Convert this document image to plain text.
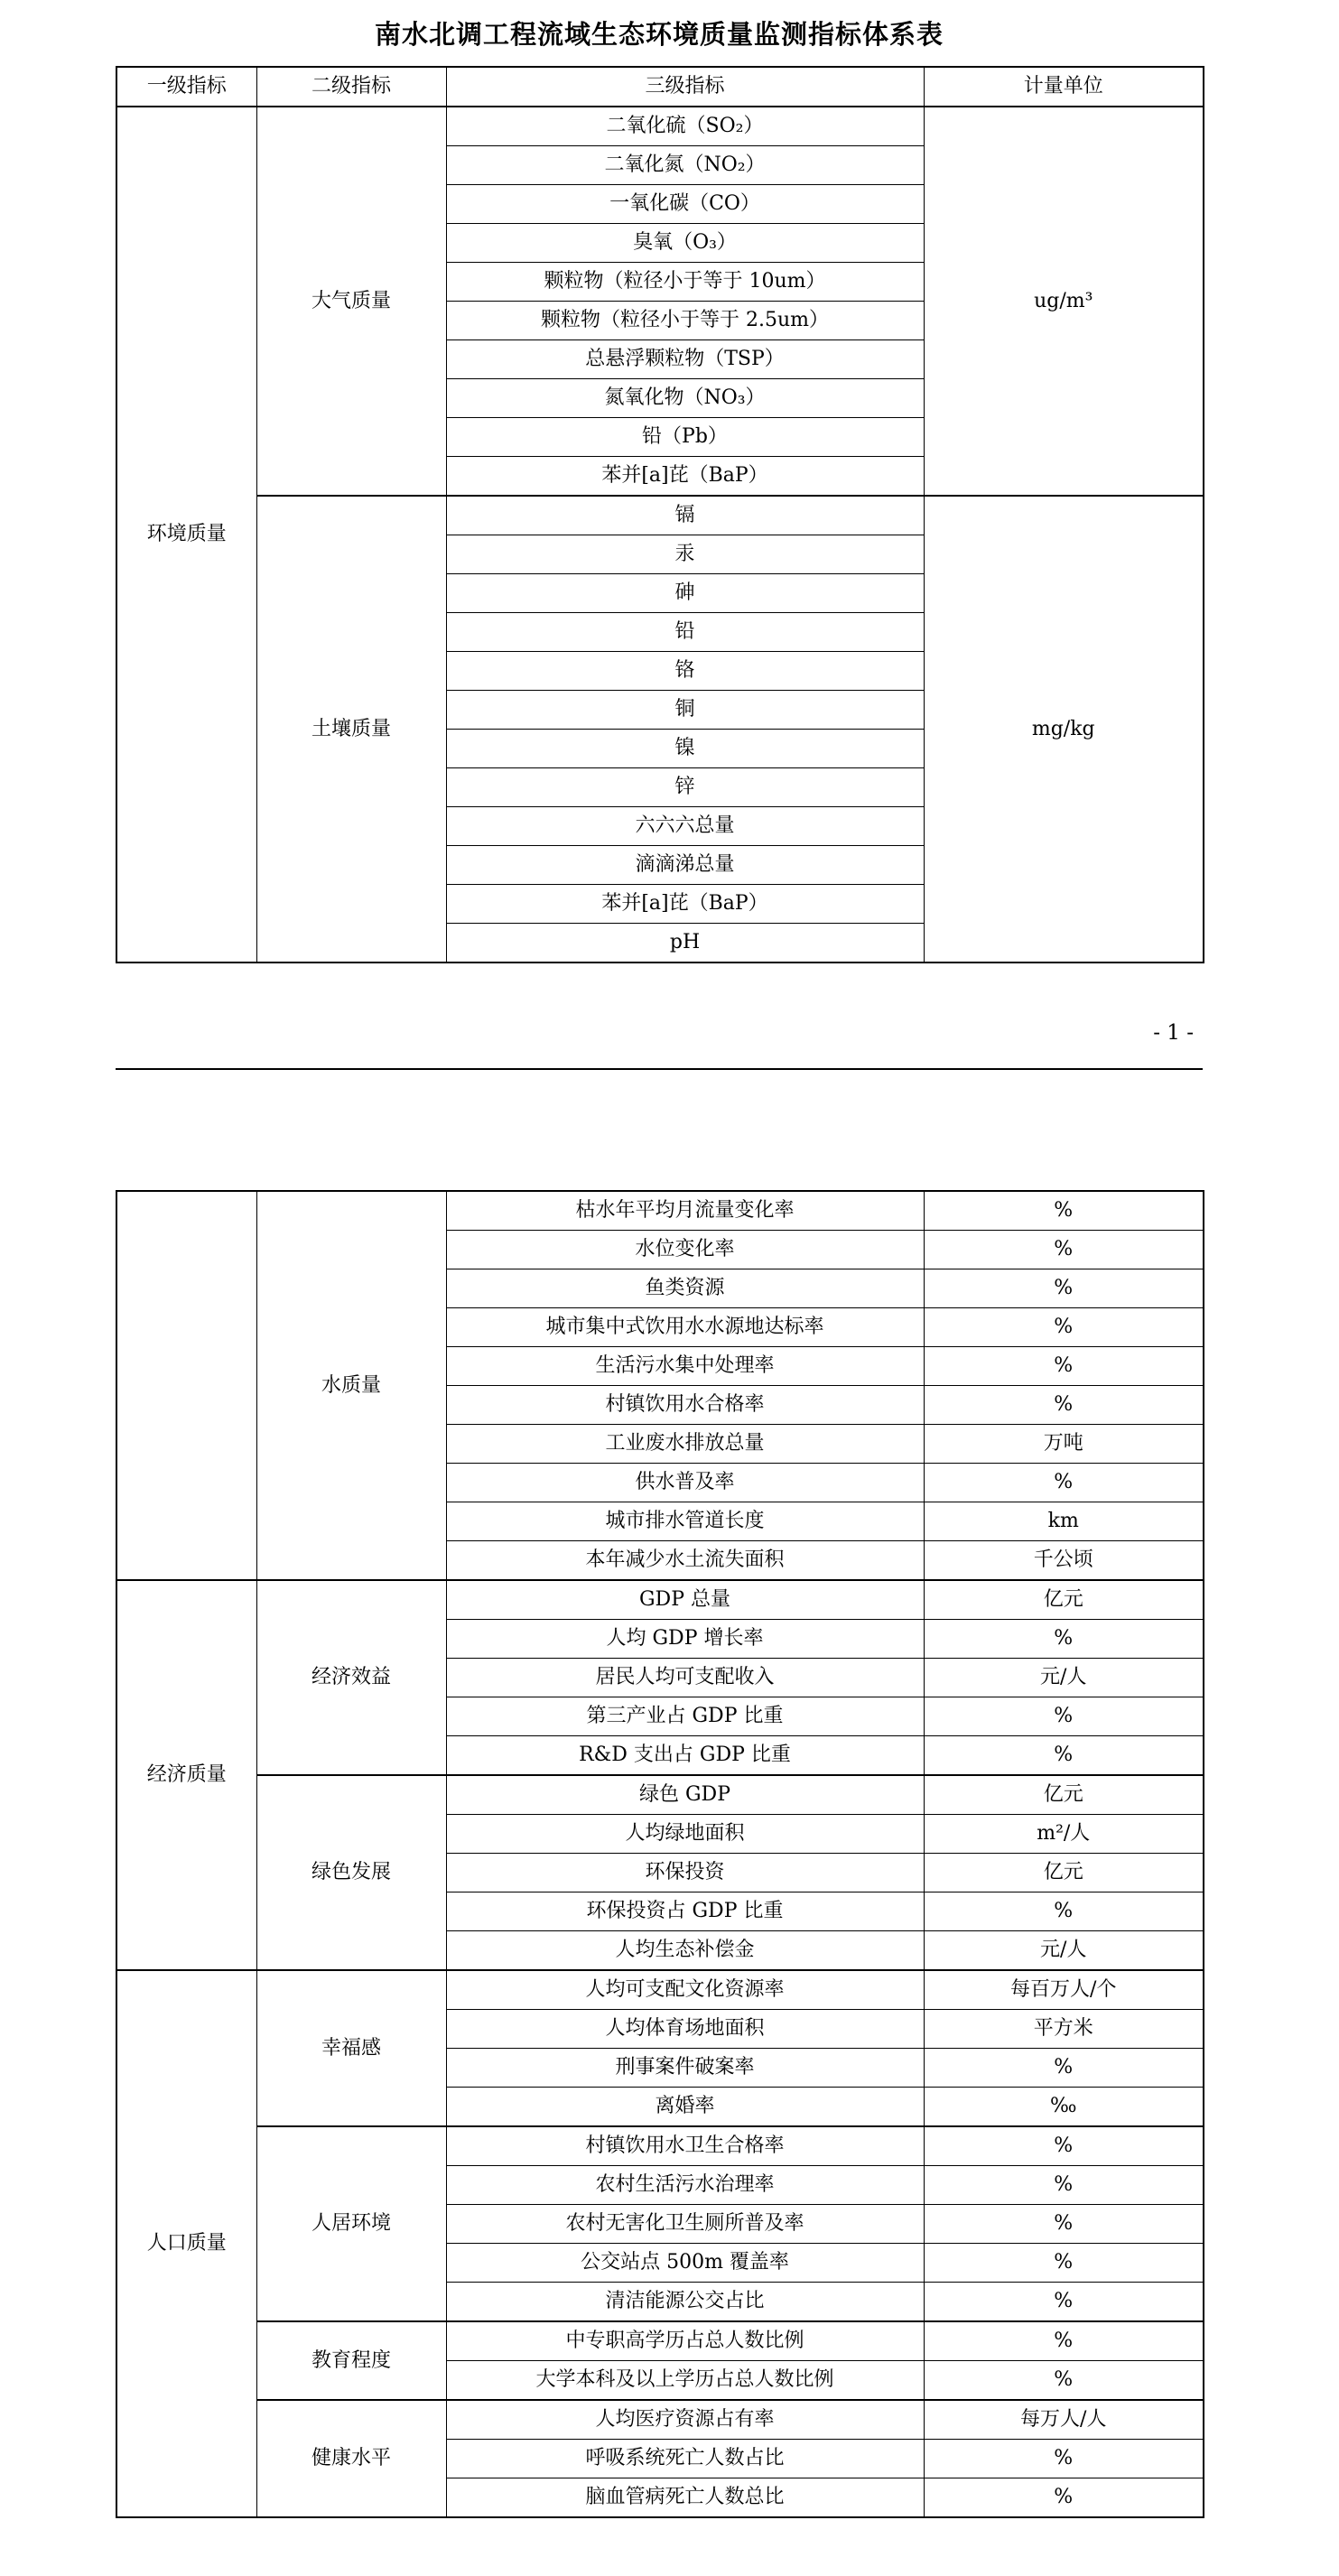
南水北调工程流域生态环境质量监测指标体系表
一级指标	二级指标	三级指标	计量单位
环境质量	大气质量	二氧化硫（SO₂）	ug/m³
		二氧化氮（NO₂）	
		一氧化碳（CO）	
		臭氧（O₃）	
		颗粒物（粒径小于等于 10um）	
		颗粒物（粒径小于等于 2.5um）	
		总悬浮颗粒物（TSP）	
		氮氧化物（NO₃）	
		铅（Pb）	
		苯并[a]芘（BaP）	
	土壤质量	镉	mg/kg
		汞	
		砷	
		铅	
		铬	
		铜	
		镍	
		锌	
		六六六总量	
		滴滴涕总量	
		苯并[a]芘（BaP）	
		pH	
- 1 -
	水质量	枯水年平均月流量变化率	%
		水位变化率	%
		鱼类资源	%
		城市集中式饮用水水源地达标率	%
		生活污水集中处理率	%
		村镇饮用水合格率	%
		工业废水排放总量	万吨
		供水普及率	%
		城市排水管道长度	km
		本年减少水土流失面积	千公顷
经济质量	经济效益	GDP 总量	亿元
		人均 GDP 增长率	%
		居民人均可支配收入	元/人
		第三产业占 GDP 比重	%
		R&D 支出占 GDP 比重	%
	绿色发展	绿色 GDP	亿元
		人均绿地面积	m²/人
		环保投资	亿元
		环保投资占 GDP 比重	%
		人均生态补偿金	元/人
人口质量	幸福感	人均可支配文化资源率	每百万人/个
		人均体育场地面积	平方米
		刑事案件破案率	%
		离婚率	‰
	人居环境	村镇饮用水卫生合格率	%
		农村生活污水治理率	%
		农村无害化卫生厕所普及率	%
		公交站点 500m 覆盖率	%
		清洁能源公交占比	%
	教育程度	中专职高学历占总人数比例	%
		大学本科及以上学历占总人数比例	%
	健康水平	人均医疗资源占有率	每万人/人
		呼吸系统死亡人数占比	%
		脑血管病死亡人数总比	%
